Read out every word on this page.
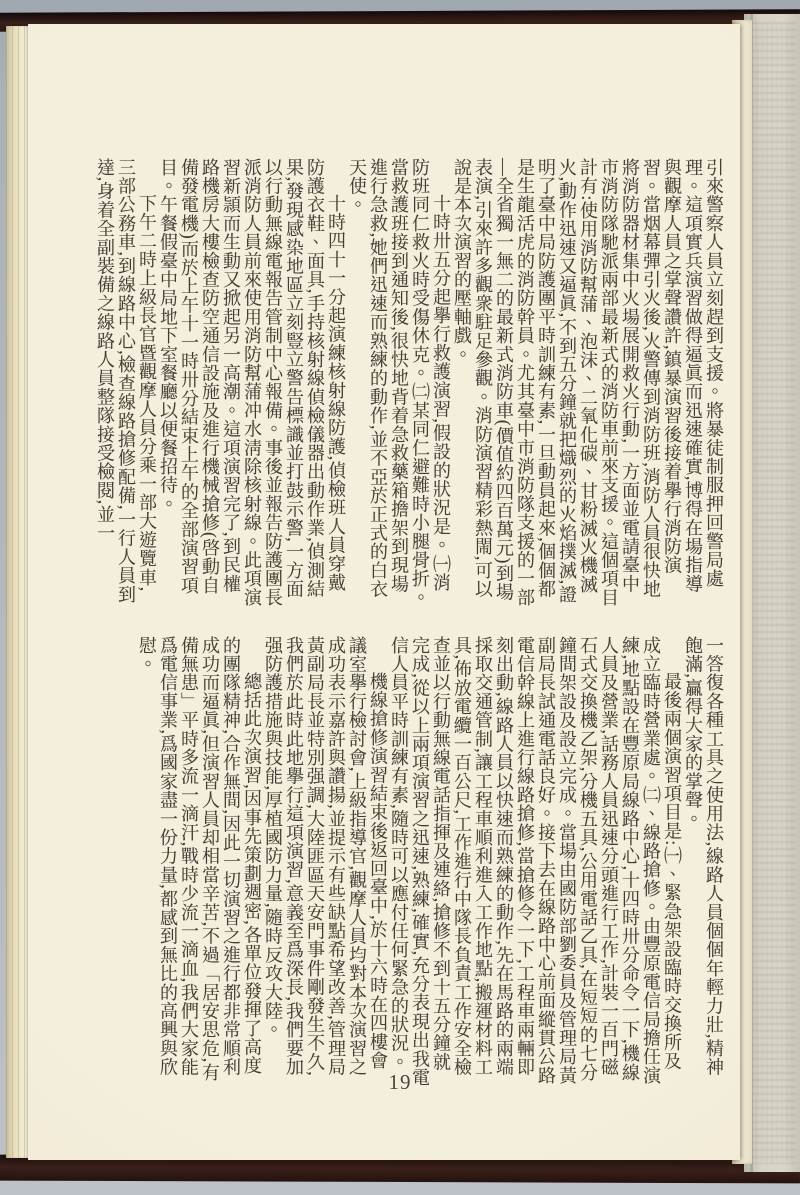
引來警察人員立刻趕到支援。將暴徒制服押回警局處理。這項實兵演習做得逼眞而迅速確實,博得在場指導與觀摩人員之掌聲讚許,鎮暴演習後接着擧行消防演習。當烟幕彈引火後,火警傳到消防班,消防人員很快地將消防器材集中火場展開救火行動,一方面並電請臺中市消防隊馳派兩部最新式的消防車前來支援。這個項目計有:使用消防幫蒲、泡沫、二氧化碳、甘粉滅火機滅火,動作迅速又逼眞,不到五分鐘就把熾烈的火焰撲滅,證明了臺中局防護團平時訓練有素,一旦動員起來,個個都是生龍活虎的消防幹員。尤其臺中市消防隊支援的一部—全省獨一無二的最新式消防車(價值約四百萬元)到場表演,引來許多觀衆駐足參觀。消防演習精彩熱閙,可以說是本次演習的壓軸戲。

十時卅五分起擧行救護演習,假設的狀況是。㈠消防班同仁救火時受傷休克。㈡某同仁避難時小腿骨折。當救護班接到通知後,很快地背着急救藥箱擔架到現場進行急救,她們迅速而熟練的動作,並不亞於正式的白衣天使。

十時四十一分起演練核射線防護,偵檢班人員穿戴防護衣鞋、面具,手持核射線偵檢儀器出動作業,偵測結果,發現感染地區立刻豎立警告標識並打鼓示警,一方面以行動無線電報告管制中心報備。事後並報告防護團長派消防人員前來使用消防幫蒲冲水淸除核射線。此項演習新頴而生動又掀起另一高潮。這項演習完了,到民權路機房大樓檢查防空通信設施及進行機械搶修(啓動自備發電機)而於上午十一時卅分結束上午的全部演習項目。午餐假臺中局地下室餐廳以便餐招待。

下午二時上級長官暨觀摩人員分乘一部大遊覽車,三部公務車,到線路中心,檢查線路搶修配備,一行人員到達,身着全副裝備之線路人員整隊接受檢閱,並一

一答復各種工具之使用法,線路人員個個年輕力壯,精神飽滿,贏得大家的掌聲。

最後兩個演習項目是:㈠、緊急架設臨時交換所及成立臨時營業處。㈡、線路搶修。由豐原電信局擔任演練,地點設在豐原局線路中心,十四時卅分命令一下,機線人員及營業,話務人員迅速分頭進行工作,計裝一百門磁石式交換機乙架,分機五具,公用電話乙具,在短短的七分鐘間架設及設立完成。當場由國防部劉委員及管理局黃副局長試通電話良好。接下去在線路中心前面縱貫公路電信幹線上進行線路搶修,當搶修令一下,工程車兩輛即刻出動,線路人員以快速而熟練的動作,先在馬路的兩端採取交通管制,讓工程車順利進入工作地點,搬運材料工具,佈放電纜一百公尺,工作進行中隊長負責工作安全檢查並以行動無線電話指揮及連絡,搶修不到十五分鐘就完成,從以上兩項演習之迅速,熟練,確實,充分表現出我電信人員平時訓練有素,隨時可以應付任何緊急的狀況。

機線搶修演習結束後返回臺中,於十六時在四樓會議室擧行檢討會,上級指導官,觀摩人員均對本次演習之成功表示嘉許與讚揚,並提示有些缺點希望改善,管理局黃副局長並特別强調,大陸匪區天安門事件剛發生不久,我們於此時此地擧行這項演習,意義至爲深長,我們要加强防護措施與技能,厚植國防力量,隨時反攻大陸。

總括此次演習,因事先策劃週密,各單位發揮了高度的團隊精神,合作無間,因此一切演習之進行都非常順利成功而逼眞,但演習人員却相當辛苦,不過「居安思危,有備無患」平時多流一滴汗,戰時少流一滴血,我們大家能爲電信事業,爲國家盡一份力量,都感到無比的高興與欣慰。

19
